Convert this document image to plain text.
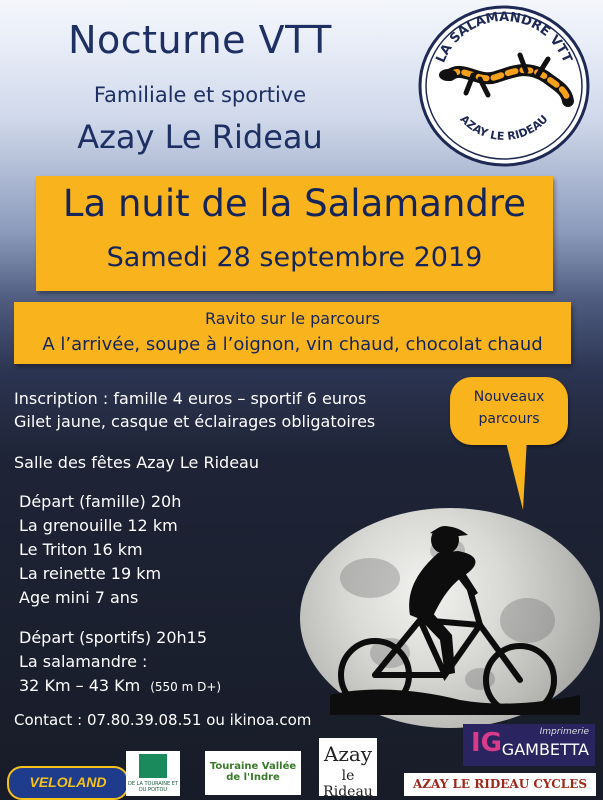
Nocturne VTT
Familiale et sportive
Azay Le Rideau
LA SALAMANDRE VTT
AZAY LE RIDEAU
La nuit de la Salamandre
Samedi 28 septembre 2019
Ravito sur le parcours
A l’arrivée, soupe à l’oignon, vin chaud, chocolat chaud
Inscription : famille 4 euros – sportif 6 euros
Gilet jaune, casque et éclairages obligatoires
Salle des fêtes Azay Le Rideau
Départ (famille) 20h
La grenouille 12 km
Le Triton 16 km
La reinette 19 km
Age mini 7 ans
Départ (sportifs) 20h15
La salamandre :
32 Km – 43 Km (550 m D+)
Nouveaux
parcours
Contact : 07.80.39.08.51 ou ikinoa.com
VELOLAND	DE LA TOURAINE ET DU POITOU
Touraine Vallée de l'Indre
Azay
le Rideau
IG	Imprimerie
GAMBETTA
AZAY LE RIDEAU CYCLES
